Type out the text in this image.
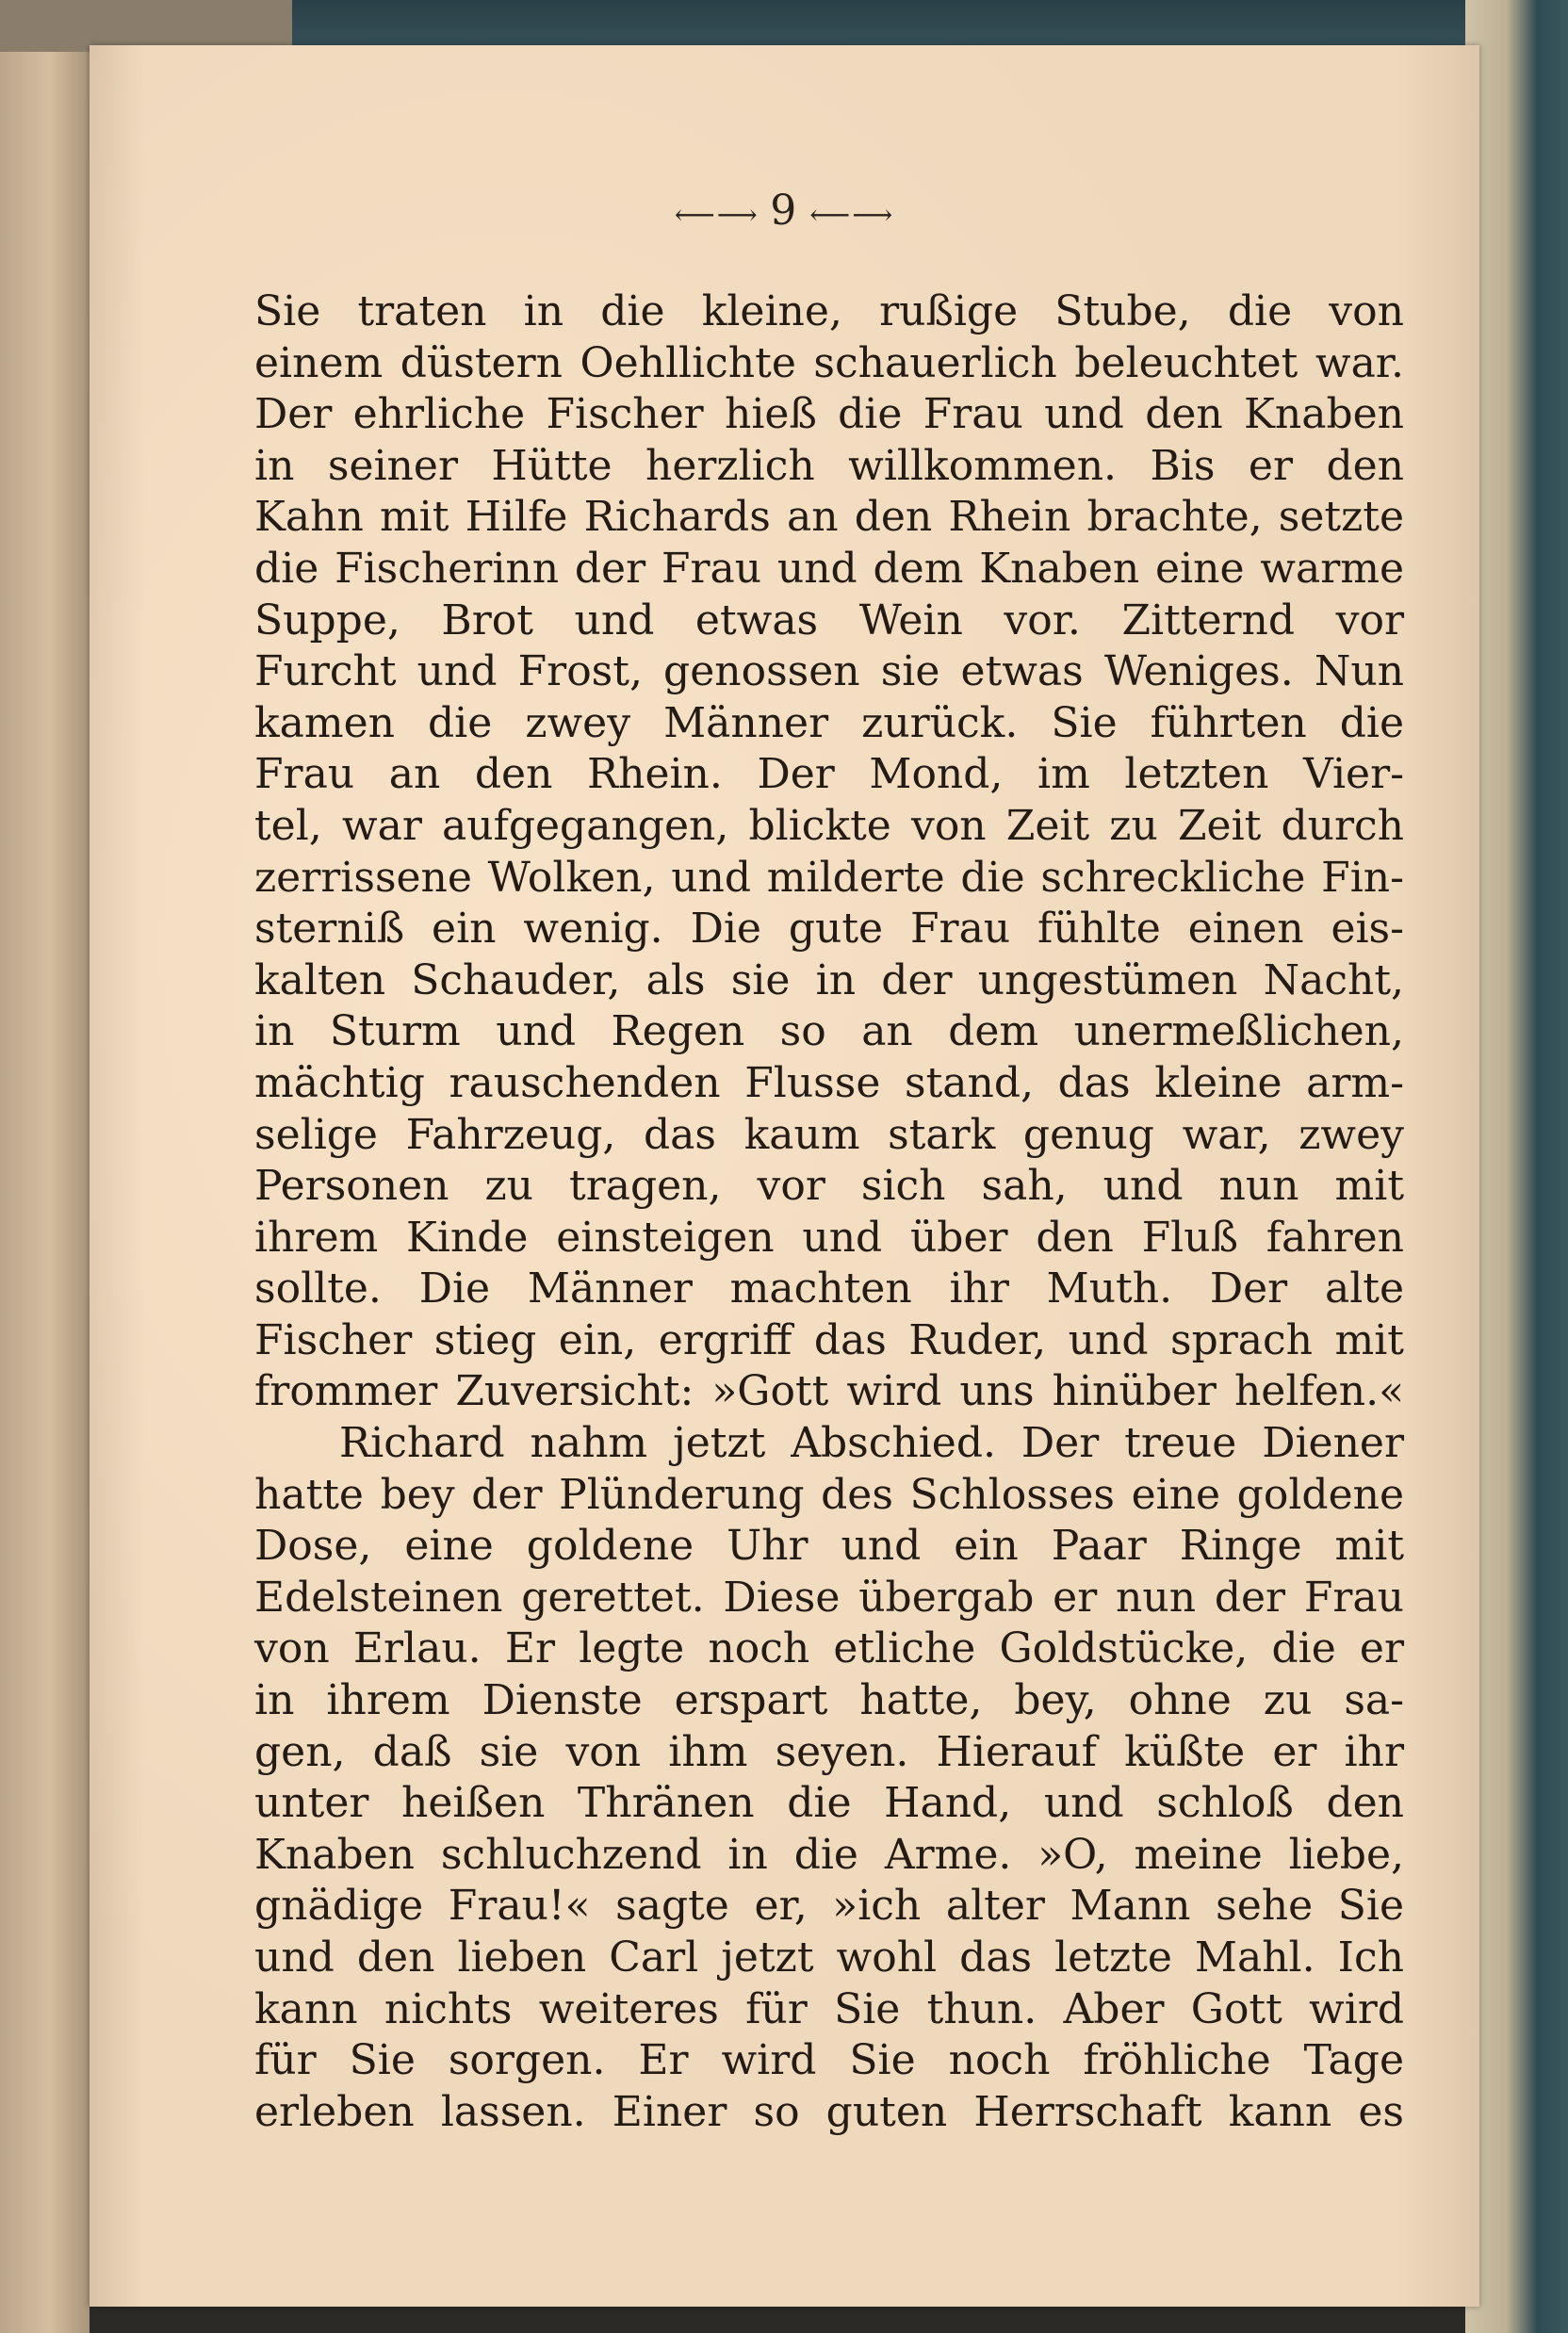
⟵⟶ 9 ⟵⟶
Sie traten in die kleine, rußige Stube, die von
einem düstern Oehllichte schauerlich beleuchtet war.
Der ehrliche Fischer hieß die Frau und den Knaben
in seiner Hütte herzlich willkommen. Bis er den
Kahn mit Hilfe Richards an den Rhein brachte, setzte
die Fischerinn der Frau und dem Knaben eine warme
Suppe, Brot und etwas Wein vor. Zitternd vor
Furcht und Frost, genossen sie etwas Weniges. Nun
kamen die zwey Männer zurück. Sie führten die
Frau an den Rhein. Der Mond, im letzten Vier-
tel, war aufgegangen, blickte von Zeit zu Zeit durch
zerrissene Wolken, und milderte die schreckliche Fin-
sterniß ein wenig. Die gute Frau fühlte einen eis-
kalten Schauder, als sie in der ungestümen Nacht,
in Sturm und Regen so an dem unermeßlichen,
mächtig rauschenden Flusse stand, das kleine arm-
selige Fahrzeug, das kaum stark genug war, zwey
Personen zu tragen, vor sich sah, und nun mit
ihrem Kinde einsteigen und über den Fluß fahren
sollte. Die Männer machten ihr Muth. Der alte
Fischer stieg ein, ergriff das Ruder, und sprach mit
frommer Zuversicht: »Gott wird uns hinüber helfen.«
Richard nahm jetzt Abschied. Der treue Diener
hatte bey der Plünderung des Schlosses eine goldene
Dose, eine goldene Uhr und ein Paar Ringe mit
Edelsteinen gerettet. Diese übergab er nun der Frau
von Erlau. Er legte noch etliche Goldstücke, die er
in ihrem Dienste erspart hatte, bey, ohne zu sa-
gen, daß sie von ihm seyen. Hierauf küßte er ihr
unter heißen Thränen die Hand, und schloß den
Knaben schluchzend in die Arme. »O, meine liebe,
gnädige Frau!« sagte er, »ich alter Mann sehe Sie
und den lieben Carl jetzt wohl das letzte Mahl. Ich
kann nichts weiteres für Sie thun. Aber Gott wird
für Sie sorgen. Er wird Sie noch fröhliche Tage
erleben lassen. Einer so guten Herrschaft kann es
